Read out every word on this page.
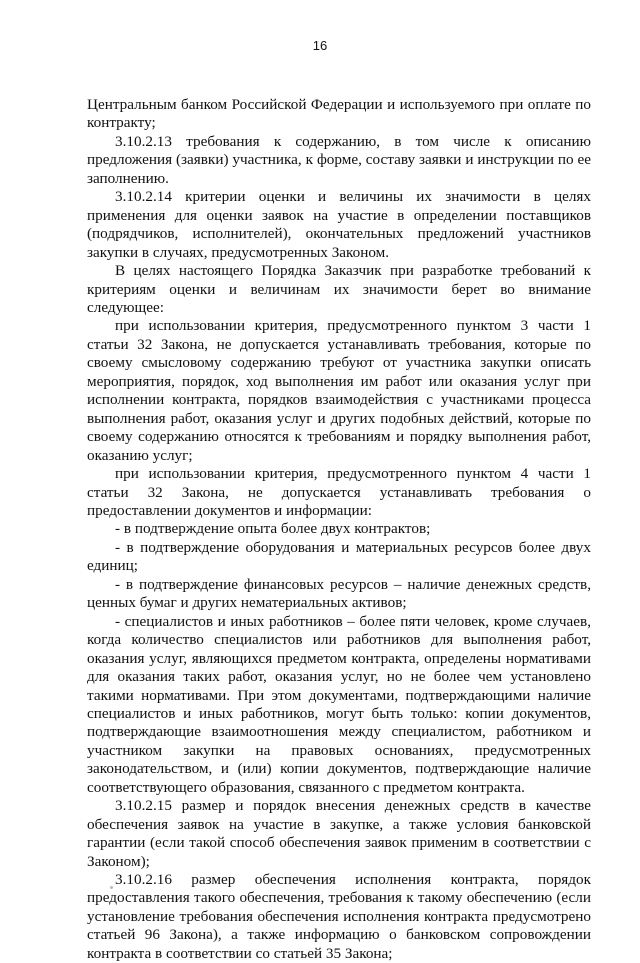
16

Центральным банком Российской Федерации и используемого при оплате по контракту;

3.10.2.13 требования к содержанию, в том числе к описанию предложения (заявки) участника, к форме, составу заявки и инструкции по ее заполнению.

3.10.2.14 критерии оценки и величины их значимости в целях применения для оценки заявок на участие в определении поставщиков (подрядчиков, исполнителей), окончательных предложений участников закупки в случаях, предусмотренных Законом.

В целях настоящего Порядка Заказчик при разработке требований к критериям оценки и величинам их значимости берет во внимание следующее:

при использовании критерия, предусмотренного пунктом 3 части 1 статьи 32 Закона, не допускается устанавливать требования, которые по своему смысловому содержанию требуют от участника закупки описать мероприятия, порядок, ход выполнения им работ или оказания услуг при исполнении контракта, порядков взаимодействия с участниками процесса выполнения работ, оказания услуг и других подобных действий, которые по своему содержанию относятся к требованиям и порядку выполнения работ, оказанию услуг;

при использовании критерия, предусмотренного пунктом 4 части 1 статьи 32 Закона, не допускается устанавливать требования о предоставлении документов и информации:

- в подтверждение опыта более двух контрактов;

- в подтверждение оборудования и материальных ресурсов более двух единиц;

- в подтверждение финансовых ресурсов – наличие денежных средств, ценных бумаг и других нематериальных активов;

- специалистов и иных работников – более пяти человек, кроме случаев, когда количество специалистов или работников для выполнения работ, оказания услуг, являющихся предметом контракта, определены нормативами для оказания таких работ, оказания услуг, но не более чем установлено такими нормативами. При этом документами, подтверждающими наличие специалистов и иных работников, могут быть только: копии документов, подтверждающие взаимоотношения между специалистом, работником и участником закупки на правовых основаниях, предусмотренных законодательством, и (или) копии документов, подтверждающие наличие соответствующего образования, связанного с предметом контракта.

3.10.2.15 размер и порядок внесения денежных средств в качестве обеспечения заявок на участие в закупке, а также условия банковской гарантии (если такой способ обеспечения заявок применим в соответствии с Законом);

3.10.2.16 размер обеспечения исполнения контракта, порядок предоставления такого обеспечения, требования к такому обеспечению (если установление требования обеспечения исполнения контракта предусмотрено статьей 96 Закона), а также информацию о банковском сопровождении контракта в соответствии со статьей 35 Закона;
